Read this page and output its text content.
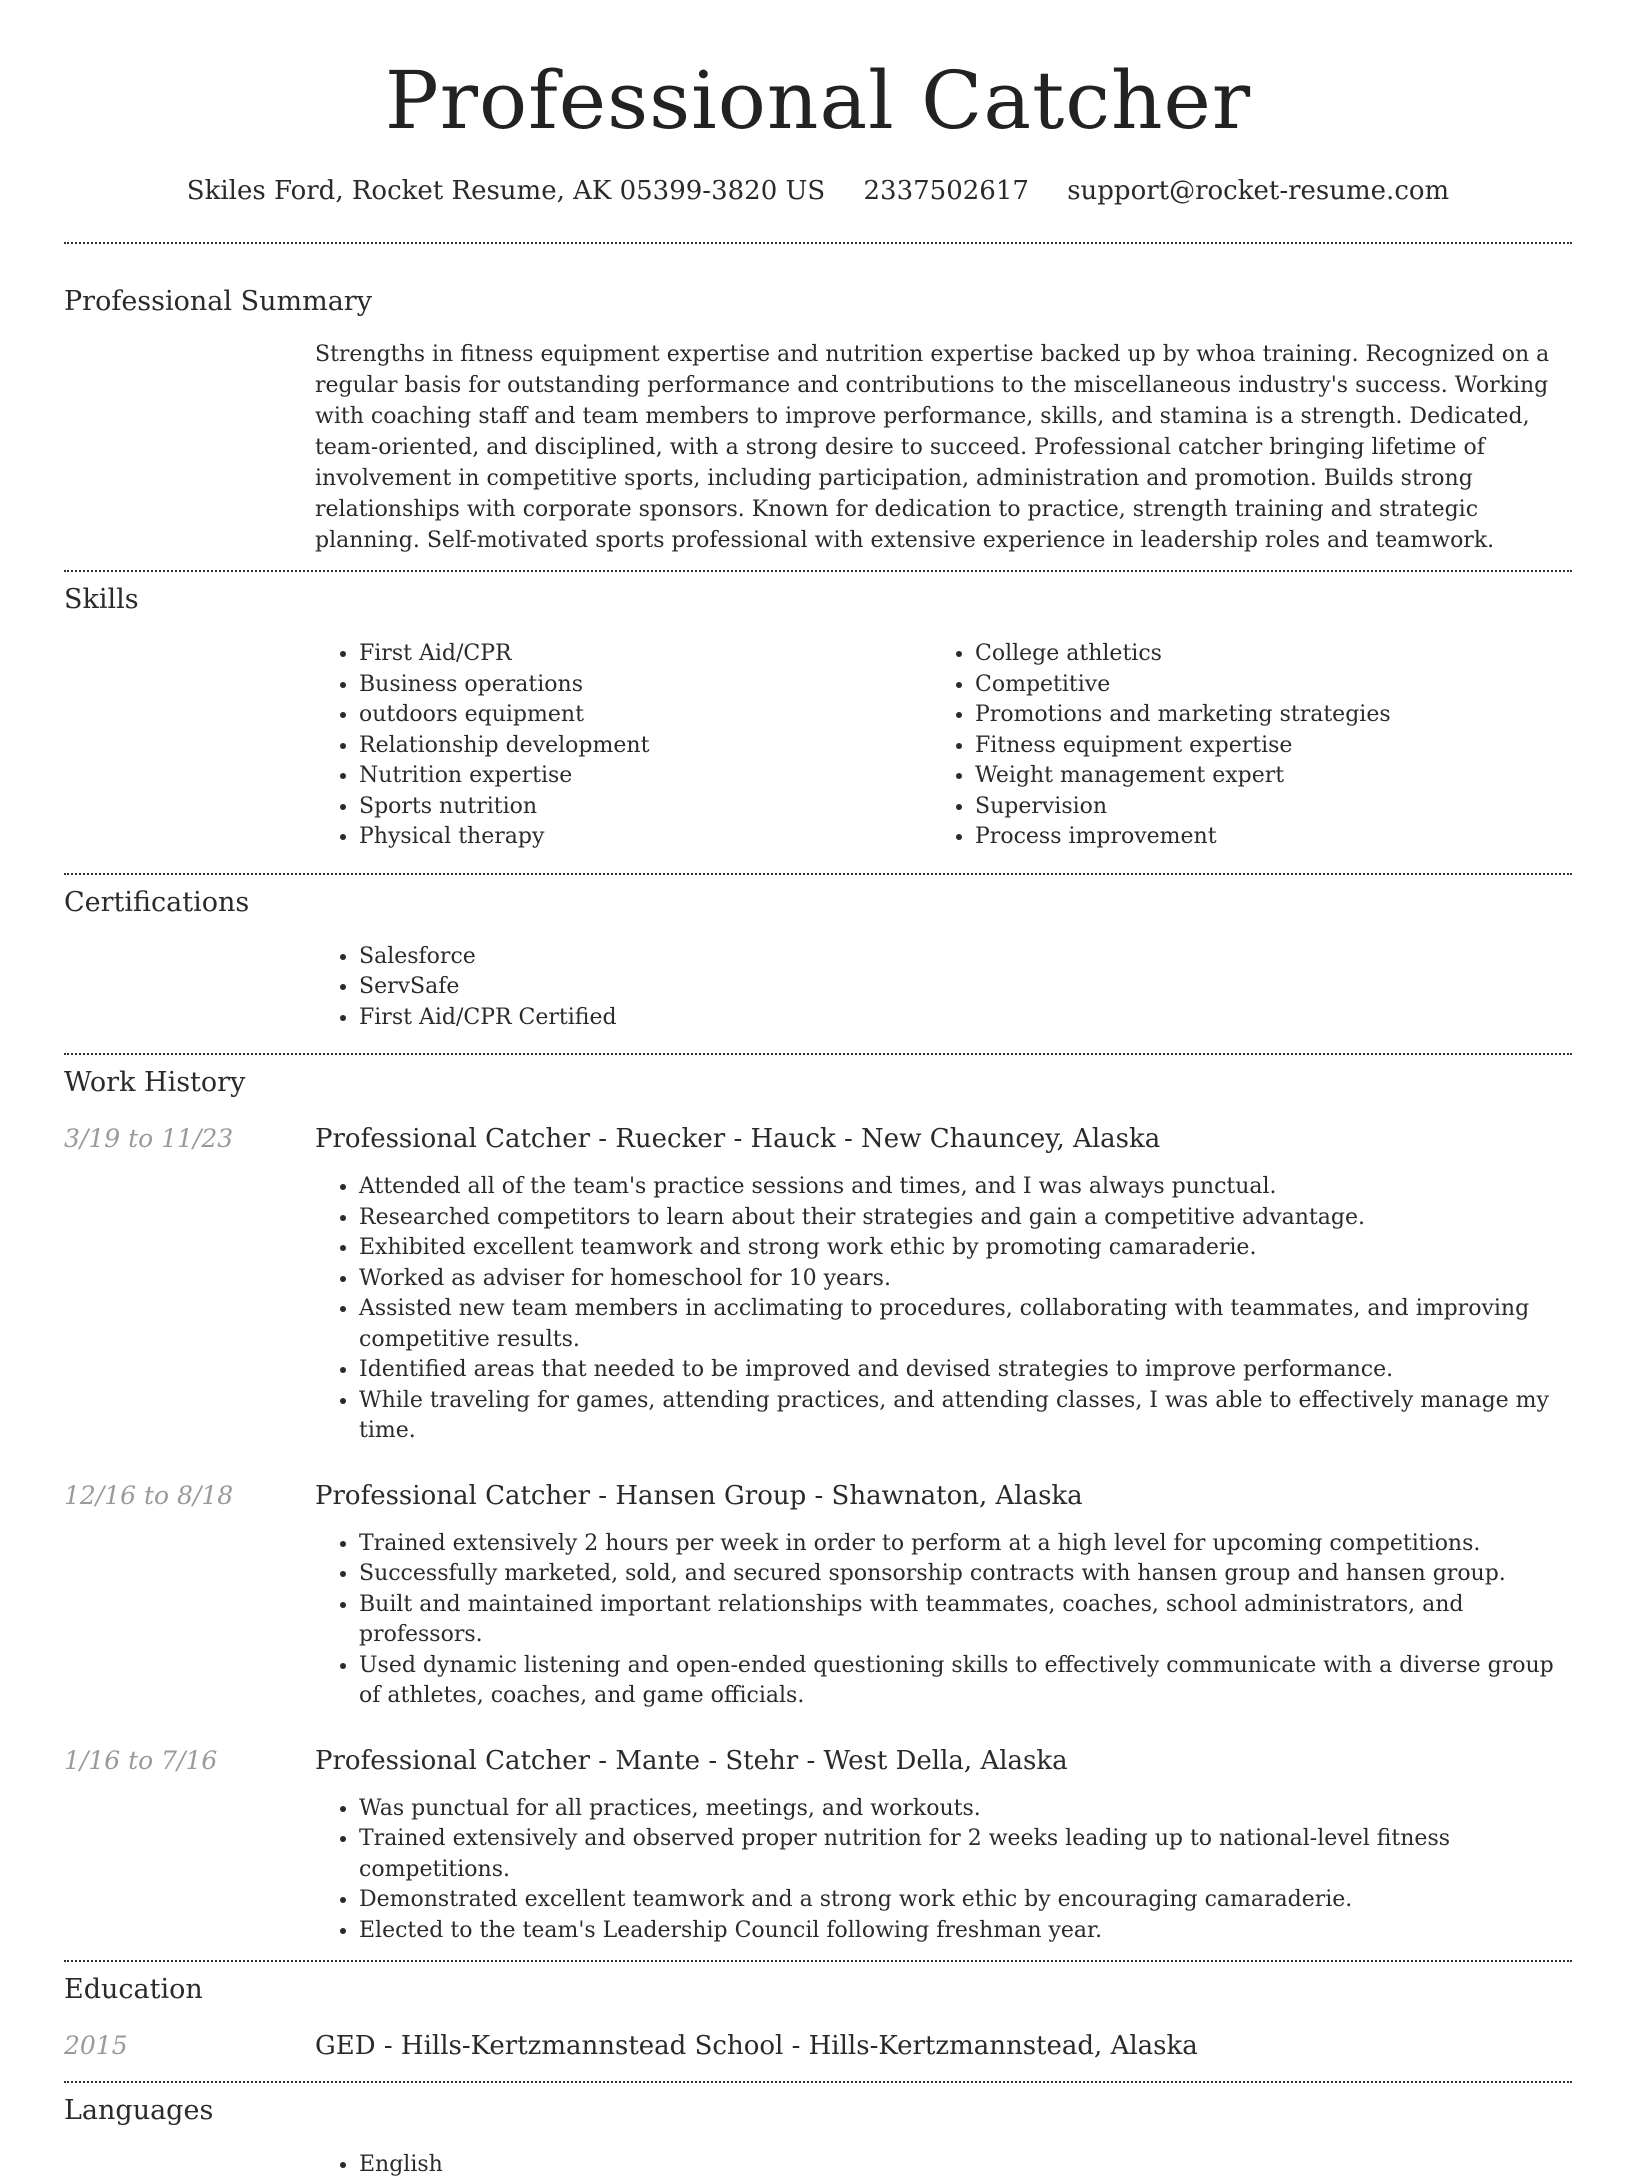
Professional Catcher
Skiles Ford, Rocket Resume, AK 05399-3820 US 2337502617 support@rocket-resume.com
Professional Summary

Strengths in fitness equipment expertise and nutrition expertise backed up by whoa training. Recognized on a regular basis for outstanding performance and contributions to the miscellaneous industry's success. Working with coaching staff and team members to improve performance, skills, and stamina is a strength. Dedicated, team-oriented, and disciplined, with a strong desire to succeed. Professional catcher bringing lifetime of involvement in competitive sports, including participation, administration and promotion. Builds strong relationships with corporate sponsors. Known for dedication to practice, strength training and strategic planning. Self-motivated sports professional with extensive experience in leadership roles and teamwork.

Skills
• First Aid/CPR
• Business operations
• outdoors equipment
• Relationship development
• Nutrition expertise
• Sports nutrition
• Physical therapy
• College athletics
• Competitive
• Promotions and marketing strategies
• Fitness equipment expertise
• Weight management expert
• Supervision
• Process improvement
Certifications
• Salesforce
• ServSafe
• First Aid/CPR Certified
Work History
3/19 to 11/23	Professional Catcher - Ruecker - Hauck - New Chauncey, Alaska
• Attended all of the team's practice sessions and times, and I was always punctual.
• Researched competitors to learn about their strategies and gain a competitive advantage.
• Exhibited excellent teamwork and strong work ethic by promoting camaraderie.
• Worked as adviser for homeschool for 10 years.
• Assisted new team members in acclimating to procedures, collaborating with teammates, and improving competitive results.
• Identified areas that needed to be improved and devised strategies to improve performance.
• While traveling for games, attending practices, and attending classes, I was able to effectively manage my time.
12/16 to 8/18	Professional Catcher - Hansen Group - Shawnaton, Alaska
• Trained extensively 2 hours per week in order to perform at a high level for upcoming competitions.
• Successfully marketed, sold, and secured sponsorship contracts with hansen group and hansen group.
• Built and maintained important relationships with teammates, coaches, school administrators, and professors.
• Used dynamic listening and open-ended questioning skills to effectively communicate with a diverse group of athletes, coaches, and game officials.
1/16 to 7/16	Professional Catcher - Mante - Stehr - West Della, Alaska
• Was punctual for all practices, meetings, and workouts.
• Trained extensively and observed proper nutrition for 2 weeks leading up to national-level fitness competitions.
• Demonstrated excellent teamwork and a strong work ethic by encouraging camaraderie.
• Elected to the team's Leadership Council following freshman year.
Education
2015	GED - Hills-Kertzmannstead School - Hills-Kertzmannstead, Alaska
Languages
• English
